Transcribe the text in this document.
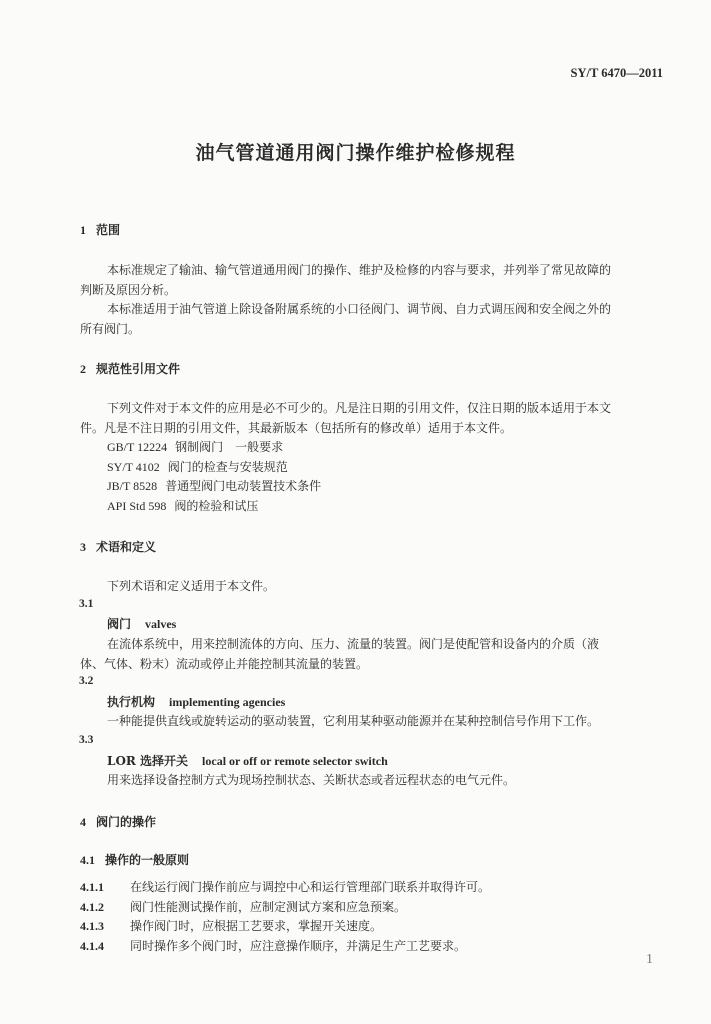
SY/T 6470—2011
油气管道通用阀门操作维护检修规程
1 范围
本标准规定了输油、输气管道通用阀门的操作、维护及检修的内容与要求，并列举了常见故障的
判断及原因分析。
本标准适用于油气管道上除设备附属系统的小口径阀门、调节阀、自力式调压阀和安全阀之外的
所有阀门。
2 规范性引用文件
下列文件对于本文件的应用是必不可少的。凡是注日期的引用文件，仅注日期的版本适用于本文
件。凡是不注日期的引用文件，其最新版本（包括所有的修改单）适用于本文件。
GB/T 12224 钢制阀门　一般要求
SY/T 4102 阀门的检查与安装规范
JB/T 8528 普通型阀门电动装置技术条件
API Std 598 阀的检验和试压
3 术语和定义
下列术语和定义适用于本文件。
3.1
阀门 valves
在流体系统中，用来控制流体的方向、压力、流量的装置。阀门是使配管和设备内的介质（液
体、气体、粉末）流动或停止并能控制其流量的装置。
3.2
执行机构 implementing agencies
一种能提供直线或旋转运动的驱动装置，它利用某种驱动能源并在某种控制信号作用下工作。
3.3
LOR 选择开关 local or off or remote selector switch
用来选择设备控制方式为现场控制状态、关断状态或者远程状态的电气元件。
4 阀门的操作
4.1 操作的一般原则
4.1.1 在线运行阀门操作前应与调控中心和运行管理部门联系并取得许可。
4.1.2 阀门性能测试操作前，应制定测试方案和应急预案。
4.1.3 操作阀门时，应根据工艺要求，掌握开关速度。
4.1.4 同时操作多个阀门时，应注意操作顺序，并满足生产工艺要求。
1
